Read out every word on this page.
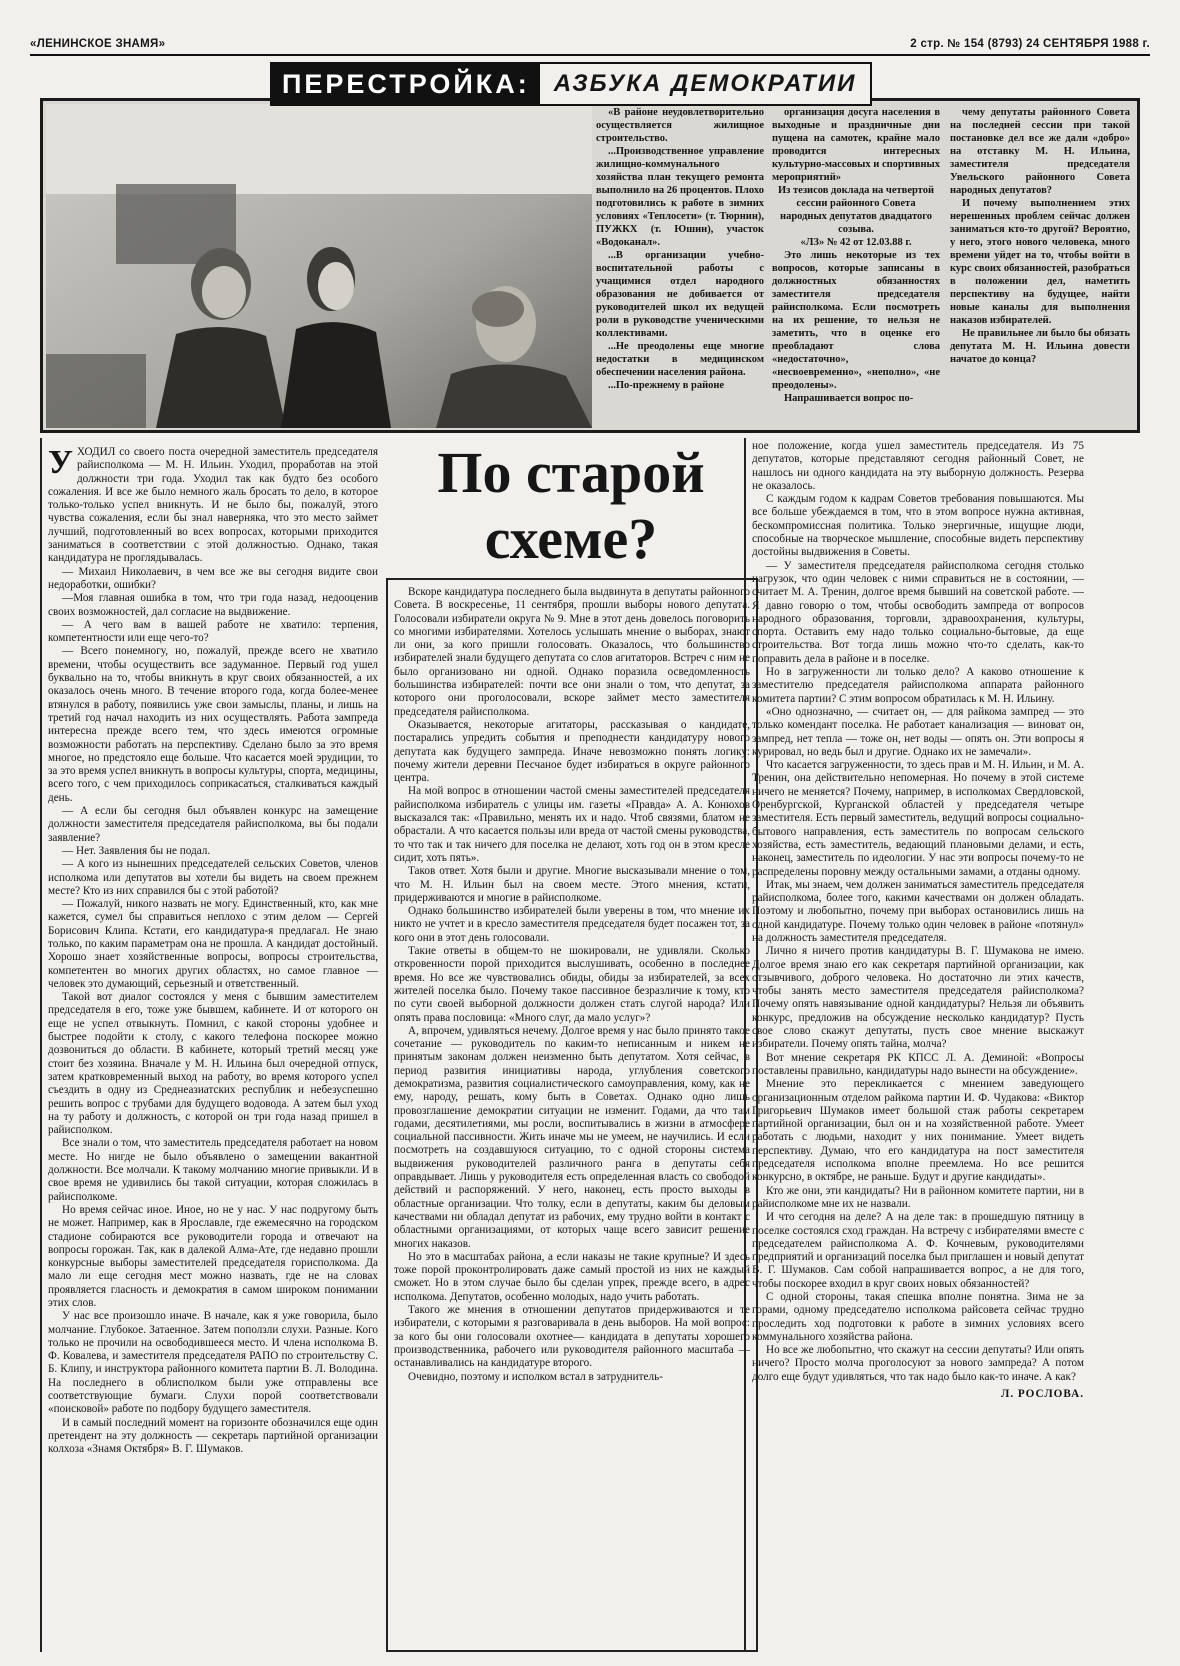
«ЛЕНИНСКОЕ ЗНАМЯ»	2 стр. № 154 (8793) 24 СЕНТЯБРЯ 1988 г.

«В районе неудовлетворительно осуществляется жилищное строительство.

...Производственное управление жилищно-коммунального хозяйства план текущего ремонта выполнило на 26 процентов. Плохо подготовились к работе в зимних условиях «Теплосети» (т. Тюрнин), ПУЖКХ (т. Юшин), участок «Водоканал».

...В организации учебно-воспитательной работы с учащимися отдел народного образования не добивается от руководителей школ их ведущей роли в руководстве ученическими коллективами.

...Не преодолены еще многие недостатки в медицинском обеспечении населения района.

...По-прежнему в районе

организация досуга населения в выходные и праздничные дни пущена на самотек, крайне мало проводится интересных культурно-массовых и спортивных мероприятий»

Из тезисов доклада на четвертой сессии районного Совета народных депутатов двадцатого созыва.

«ЛЗ» № 42 от 12.03.88 г.

Это лишь некоторые из тех вопросов, которые записаны в должностных обязанностях заместителя председателя райисполкома. Если посмотреть на их решение, то нельзя не заметить, что в оценке его преобладают слова «недостаточно», «несвоевременно», «неполно», «не преодолены».

Напрашивается вопрос по-

чему депутаты районного Совета на последней сессии при такой постановке дел все же дали «добро» на отставку М. Н. Ильина, заместителя председателя Увельского районного Совета народных депутатов?

И почему выполнением этих нерешенных проблем сейчас должен заниматься кто-то другой? Вероятно, у него, этого нового человека, много времени уйдет на то, чтобы войти в курс своих обязанностей, разобраться в положении дел, наметить перспективу на будущее, найти новые каналы для выполнения наказов избирателей.

Не правильнее ли было бы обязать депутата М. Н. Ильина довести начатое до конца?

ПЕРЕСТРОЙКА:	АЗБУКА ДЕМОКРАТИИ
По старой схеме?

УХОДИЛ со своего поста очередной заместитель председателя райисполкома — М. Н. Ильин. Уходил, проработав на этой должности три года. Уходил так как будто без особого сожаления. И все же было немного жаль бросать то дело, в которое только-только успел вникнуть. И не было бы, пожалуй, этого чувства сожаления, если бы знал наверняка, что это место займет лучший, подготовленный во всех вопросах, которыми приходится заниматься в соответствии с этой должностью. Однако, такая кандидатура не проглядывалась.

— Михаил Николаевич, в чем все же вы сегодня видите свои недоработки, ошибки?

—Моя главная ошибка в том, что три года назад, недооценив своих возможностей, дал согласие на выдвижение.

— А чего вам в вашей работе не хватило: терпения, компетентности или еще чего-то?

— Всего понемногу, но, пожалуй, прежде всего не хватило времени, чтобы осуществить все задуманное. Первый год ушел буквально на то, чтобы вникнуть в круг своих обязанностей, а их оказалось очень много. В течение второго года, когда более-менее втянулся в работу, появились уже свои замыслы, планы, и лишь на третий год начал находить из них осуществлять. Работа зампреда интересна прежде всего тем, что здесь имеются огромные возможности работать на перспективу. Сделано было за это время многое, но предстояло еще больше. Что касается моей эрудиции, то за это время успел вникнуть в вопросы культуры, спорта, медицины, всего того, с чем приходилось соприкасаться, сталкиваться каждый день.

— А если бы сегодня был объявлен конкурс на замещение должности заместителя председателя райисполкома, вы бы подали заявление?

— Нет. Заявления бы не подал.

— А кого из нынешних председателей сельских Советов, членов исполкома или депутатов вы хотели бы видеть на своем прежнем месте? Кто из них справился бы с этой работой?

— Пожалуй, никого назвать не могу. Единственный, кто, как мне кажется, сумел бы справиться неплохо с этим делом — Сергей Борисович Клипа. Кстати, его кандидатура-я предлагал. Не знаю только, по каким параметрам она не прошла. А кандидат достойный. Хорошо знает хозяйственные вопросы, вопросы строительства, компетентен во многих других областях, но самое главное — человек это думающий, серьезный и ответственный.

Такой вот диалог состоялся у меня с бывшим заместителем председателя в его, тоже уже бывшем, кабинете. И от которого он еще не успел отвыкнуть. Помнил, с какой стороны удобнее и быстрее подойти к столу, с какого телефона поскорее можно дозвониться до области. В кабинете, который третий месяц уже стоит без хозяина. Вначале у М. Н. Ильина был очередной отпуск, затем кратковременный выход на работу, во время которого успел съездить в одну из Среднеазиатских республик и небезуспешно решить вопрос с трубами для будущего водовода. А затем был уход на ту работу и должность, с которой он три года назад пришел в райисполком.

Все знали о том, что заместитель председателя работает на новом месте. Но нигде не было объявлено о замещении вакантной должности. Все молчали. К такому молчанию многие привыкли. И в свое время не удивились бы такой ситуации, которая сложилась в райисполкоме.

Но время сейчас иное. Иное, но не у нас. У нас подругому быть не может. Например, как в Ярославле, где ежемесячно на городском стадионе собираются все руководители города и отвечают на вопросы горожан. Так, как в далекой Алма-Ате, где недавно прошли конкурсные выборы заместителей председателя горисполкома. Да мало ли еще сегодня мест можно назвать, где не на словах проявляется гласность и демократия в самом широком понимании этих слов.

У нас все произошло иначе. В начале, как я уже говорила, было молчание. Глубокое. Затаенное. Затем поползли слухи. Разные. Кого только не прочили на освободившееся место. И члена исполкома В. Ф. Ковалева, и заместителя председателя РАПО по строительству С. Б. Клипу, и инструктора районного комитета партии В. Л. Володина. На последнего в облисполком были уже отправлены все соответствующие бумаги. Слухи порой соответствовали «поисковой» работе по подбору будущего заместителя.

И в самый последний момент на горизонте обозначился еще один претендент на эту должность — секретарь партийной организации колхоза «Знамя Октября» В. Г. Шумаков.

Вскоре кандидатура последнего была выдвинута в депутаты районного Совета. В воскресенье, 11 сентября, прошли выборы нового депутата. Голосовали избиратели округа № 9. Мне в этот день довелось поговорить со многими избирателями. Хотелось услышать мнение о выборах, знают ли они, за кого пришли голосовать. Оказалось, что большинство избирателей знали будущего депутата со слов агитаторов. Встреч с ним не было организовано ни одной. Однако поразила осведомленность большинства избирателей: почти все они знали о том, что депутат, за которого они проголосовали, вскоре займет место заместителя председателя райисполкома.

Оказывается, некоторые агитаторы, рассказывая о кандидате, постарались упредить события и преподнести кандидатуру нового депутата как будущего зампреда. Иначе невозможно понять логику: почему жители деревни Песчаное будет избираться в округе районного центра.

На мой вопрос в отношении частой смены заместителей председателя райисполкома избиратель с улицы им. газеты «Правда» А. А. Конюхов высказался так: «Правильно, менять их и надо. Чтоб связями, блатом не обрастали. А что касается пользы или вреда от частой смены руководства, то что так и так ничего для поселка не делают, хоть год он в этом кресле сидит, хоть пять».

Таков ответ. Хотя были и другие. Многие высказывали мнение о том, что М. Н. Ильин был на своем месте. Этого мнения, кстати, придерживаются и многие в райисполкоме.

Однако большинство избирателей были уверены в том, что мнение их никто не учтет и в кресло заместителя председателя будет посажен тот, за кого они в этот день голосовали.

Такие ответы в общем-то не шокировали, не удивляли. Сколько откровенности порой приходится выслушивать, особенно в последнее время. Но все же чувствовались обиды, обиды за избирателей, за всех жителей поселка было. Почему такое пассивное безразличие к тому, кто по сути своей выборной должности должен стать слугой народа? Или опять права пословица: «Много слуг, да мало услуг»?

А, впрочем, удивляться нечему. Долгое время у нас было принято такое сочетание — руководитель по каким-то неписанным и никем не принятым законам должен неизменно быть депутатом. Хотя сейчас, в период развития инициативы народа, углубления советского демократизма, развития социалистического самоуправления, кому, как не ему, народу, решать, кому быть в Советах. Однако одно лишь провозглашение демократии ситуации не изменит. Годами, да что там годами, десятилетиями, мы росли, воспитывались в жизни в атмосфере социальной пассивности. Жить иначе мы не умеем, не научились. И если посмотреть на создавшуюся ситуацию, то с одной стороны система выдвижения руководителей различного ранга в депутаты себя оправдывает. Лишь у руководителя есть определенная власть со свободой действий и распоряжений. У него, наконец, есть просто выходы в областные организации. Что толку, если в депутаты, каким бы деловым качествами ни обладал депутат из рабочих, ему трудно войти в контакт с областными организациями, от которых чаще всего зависит решение многих наказов.

Но это в масштабах района, а если наказы не такие крупные? И здесь тоже порой проконтролировать даже самый простой из них не каждый сможет. Но в этом случае было бы сделан упрек, прежде всего, в адрес исполкома. Депутатов, особенно молодых, надо учить работать.

Такого же мнения в отношении депутатов придерживаются и те избиратели, с которыми я разговаривала в день выборов. На мой вопрос: за кого бы они голосовали охотнее— кандидата в депутаты хорошего производственника, рабочего или руководителя районного масштаба — останавливались на кандидатуре второго.

Очевидно, поэтому и исполком встал в затруднитель-

ное положение, когда ушел заместитель председателя. Из 75 депутатов, которые представляют сегодня районный Совет, не нашлось ни одного кандидата на эту выборную должность. Резерва не оказалось.

С каждым годом к кадрам Советов требования повышаются. Мы все больше убеждаемся в том, что в этом вопросе нужна активная, бескомпромиссная политика. Только энергичные, ищущие люди, способные на творческое мышление, способные видеть перспективу достойны выдвижения в Советы.

— У заместителя председателя райисполкома сегодня столько нагрузок, что один человек с ними справиться не в состоянии, — считает М. А. Тренин, долгое время бывший на советской работе. — Я давно говорю о том, чтобы освободить зампреда от вопросов народного образования, торговли, здравоохранения, культуры, спорта. Оставить ему надо только социально-бытовые, да еще строительства. Вот тогда лишь можно что-то сделать, как-то поправить дела в районе и в поселке.

Но в загруженности ли только дело? А каково отношение к заместителю председателя райисполкома аппарата районного комитета партии? С этим вопросом обратилась к М. Н. Ильину.

«Оно однозначно, — считает он, — для райкома зампред — это только комендант поселка. Не работает канализация — виноват он, зампред, нет тепла — тоже он, нет воды — опять он. Эти вопросы я курировал, но ведь был и другие. Однако их не замечали».

Что касается загруженности, то здесь прав и М. Н. Ильин, и М. А. Тренин, она действительно непомерная. Но почему в этой системе ничего не меняется? Почему, например, в исполкомах Свердловской, Оренбургской, Курганской областей у председателя четыре заместителя. Есть первый заместитель, ведущий вопросы социально-бытового направления, есть заместитель по вопросам сельского хозяйства, есть заместитель, ведающий плановыми делами, и есть, наконец, заместитель по идеологии. У нас эти вопросы почему-то не распределены поровну между остальными замами, а отданы одному.

Итак, мы знаем, чем должен заниматься заместитель председателя райисполкома, более того, какими качествами он должен обладать. Поэтому и любопытно, почему при выборах остановились лишь на одной кандидатуре. Почему только один человек в районе «потянул» на должность заместителя председателя.

Лично я ничего против кандидатуры В. Г. Шумакова не имею. Долгое время знаю его как секретаря партийной организации, как отзывчивого, доброго человека. Но достаточно ли этих качеств, чтобы занять место заместителя председателя райисполкома? Почему опять навязывание одной кандидатуры? Нельзя ли объявить конкурс, предложив на обсуждение несколько кандидатур? Пусть свое слово скажут депутаты, пусть свое мнение выскажут избиратели. Почему опять тайна, молча?

Вот мнение секретаря РК КПСС Л. А. Деминой: «Вопросы поставлены правильно, кандидатуры надо вынести на обсуждение».

Мнение это перекликается с мнением заведующего организационным отделом райкома партии И. Ф. Чудакова: «Виктор Григорьевич Шумаков имеет большой стаж работы секретарем партийной организации, был он и на хозяйственной работе. Умеет работать с людьми, находит у них понимание. Умеет видеть перспективу. Думаю, что его кандидатура на пост заместителя председателя исполкома вполне преемлема. Но все решится конкурсно, в октябре, не раньше. Будут и другие кандидаты».

Кто же они, эти кандидаты? Ни в районном комитете партии, ни в райисполкоме мне их не назвали.

И что сегодня на деле? А на деле так: в прошедшую пятницу в поселке состоялся сход граждан. На встречу с избирателями вместе с председателем райисполкома А. Ф. Кочневым, руководителями предприятий и организаций поселка был приглашен и новый депутат В. Г. Шумаков. Сам собой напрашивается вопрос, а не для того, чтобы поскорее входил в круг своих новых обязанностей?

С одной стороны, такая спешка вполне понятна. Зима не за горами, одному председателю исполкома райсовета сейчас трудно проследить ход подготовки к работе в зимних условиях всего коммунального хозяйства района.

Но все же любопытно, что скажут на сессии депутаты? Или опять ничего? Просто молча проголосуют за нового зампреда? А потом долго еще будут удивляться, что так надо было как-то иначе. А как?

Л. РОСЛОВА.
